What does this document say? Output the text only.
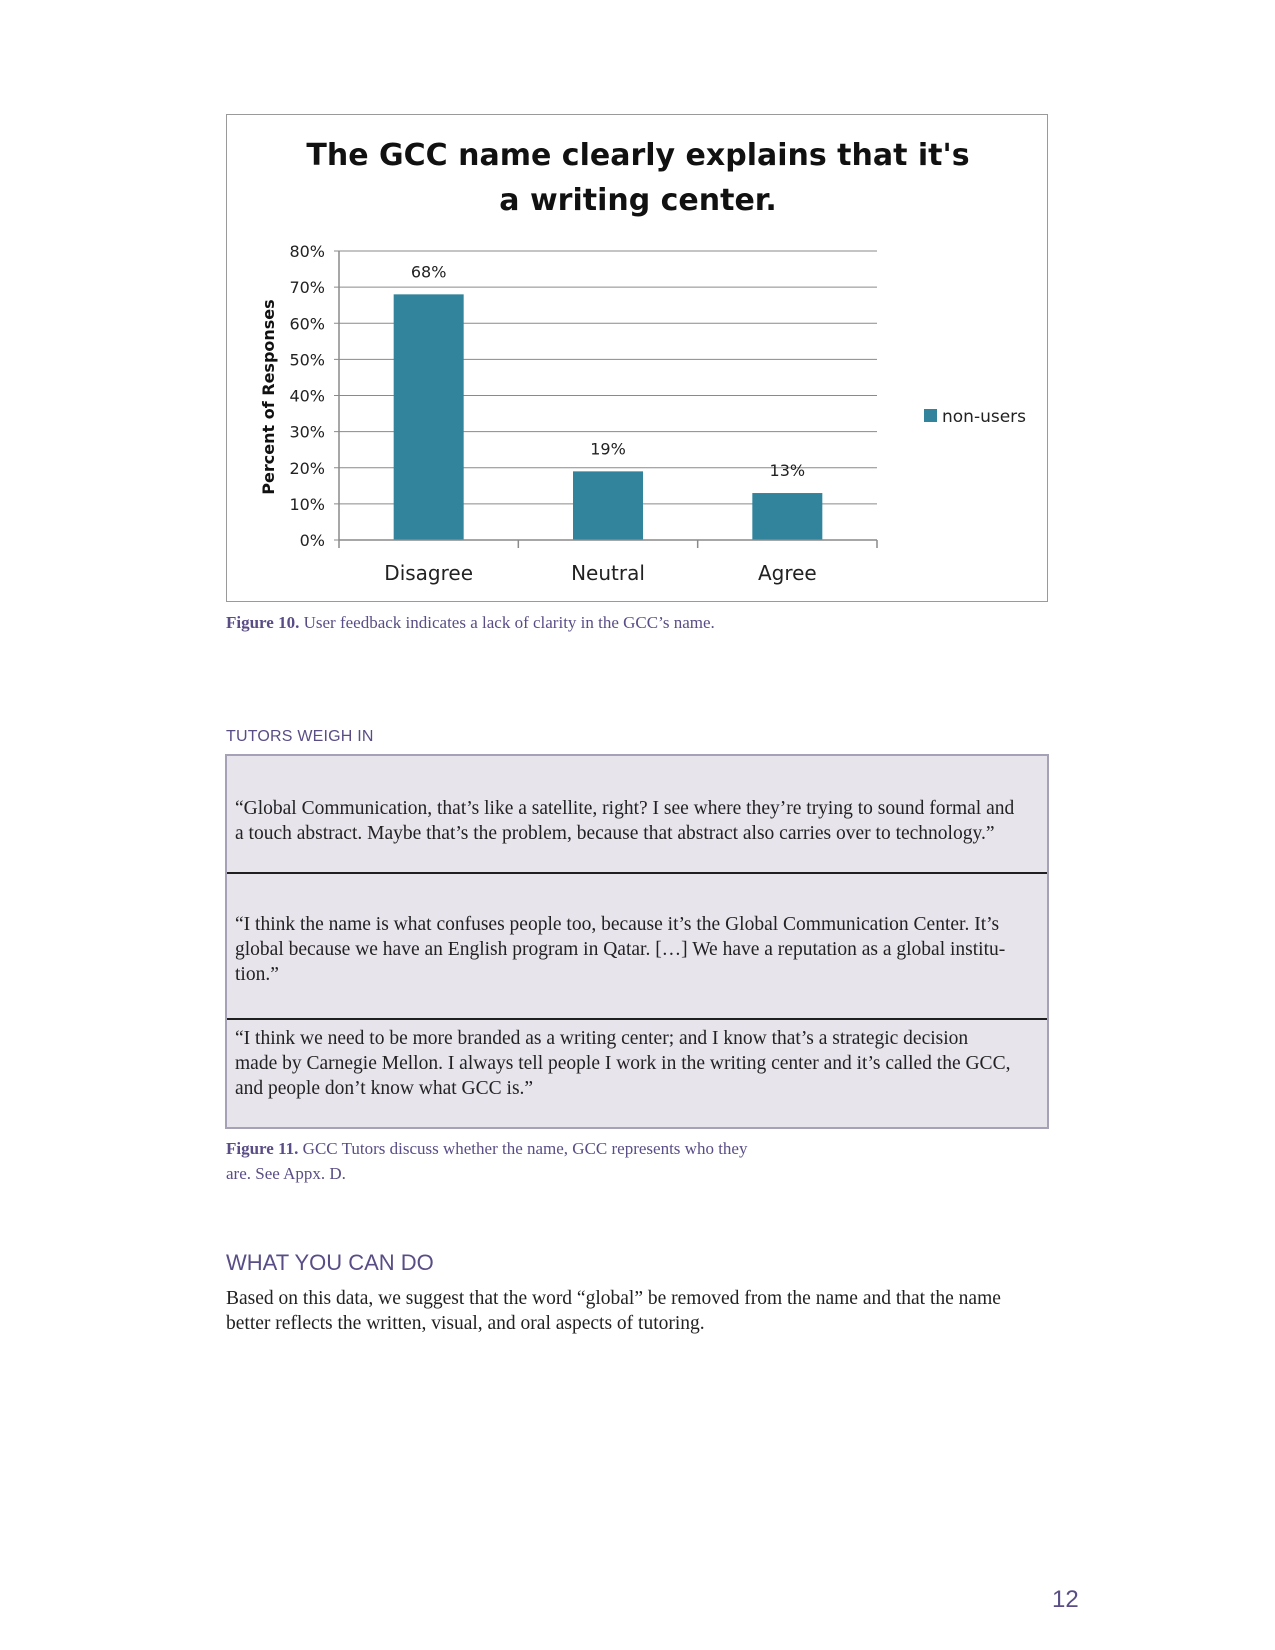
The GCC name clearly explains that it's
a writing center.
0%
10%
20%
30%
40%
50%
60%
70%
80%
Percent of Responses
68%
Disagree
19%
Neutral
13%
Agree
non-users
Figure 10. User feedback indicates a lack of clarity in the GCC’s name.
TUTORS WEIGH IN
“Global Communication, that’s like a satellite, right? I see where they’re trying to sound formal and
a touch abstract. Maybe that’s the problem, because that abstract also carries over to technology.”
“I think the name is what confuses people too, because it’s the Global Communication Center. It’s
global because we have an English program in Qatar. […] We have a reputation as a global institu-
tion.”
“I think we need to be more branded as a writing center; and I know that’s a strategic decision
made by Carnegie Mellon. I always tell people I work in the writing center and it’s called the GCC,
and people don’t know what GCC is.”
Figure 11. GCC Tutors discuss whether the name, GCC represents who they
are. See Appx. D.
WHAT YOU CAN DO
Based on this data, we suggest that the word “global” be removed from the name and that the name
better reflects the written, visual, and oral aspects of tutoring.
12
